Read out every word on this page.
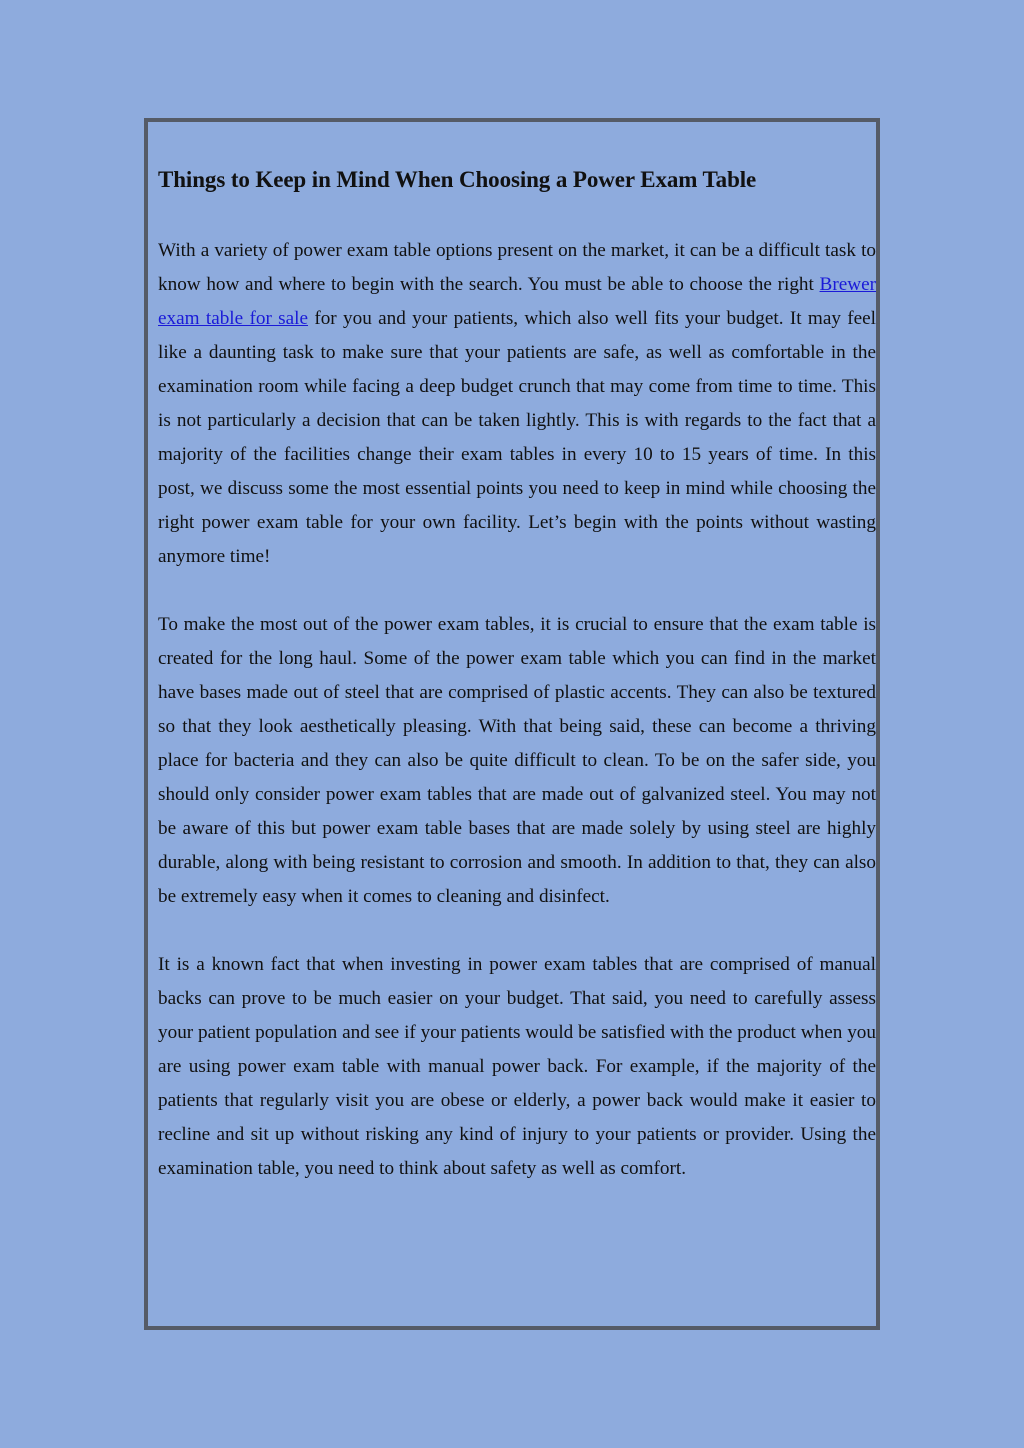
Things to Keep in Mind When Choosing a Power Exam Table

With a variety of power exam table options present on the market, it can be a difficult task to know how and where to begin with the search. You must be able to choose the right Brewer exam table for sale for you and your patients, which also well fits your budget. It may feel like a daunting task to make sure that your patients are safe, as well as comfortable in the examination room while facing a deep budget crunch that may come from time to time. This is not particularly a decision that can be taken lightly. This is with regards to the fact that a majority of the facilities change their exam tables in every 10 to 15 years of time. In this post, we discuss some the most essential points you need to keep in mind while choosing the right power exam table for your own facility. Let’s begin with the points without wasting anymore time!

To make the most out of the power exam tables, it is crucial to ensure that the exam table is created for the long haul. Some of the power exam table which you can find in the market have bases made out of steel that are comprised of plastic accents. They can also be textured so that they look aesthetically pleasing. With that being said, these can become a thriving place for bacteria and they can also be quite difficult to clean. To be on the safer side, you should only consider power exam tables that are made out of galvanized steel. You may not be aware of this but power exam table bases that are made solely by using steel are highly durable, along with being resistant to corrosion and smooth. In addition to that, they can also be extremely easy when it comes to cleaning and disinfect.

It is a known fact that when investing in power exam tables that are comprised of manual backs can prove to be much easier on your budget. That said, you need to carefully assess your patient population and see if your patients would be satisfied with the product when you are using power exam table with manual power back. For example, if the majority of the patients that regularly visit you are obese or elderly, a power back would make it easier to recline and sit up without risking any kind of injury to your patients or provider. Using the examination table, you need to think about safety as well as comfort.
